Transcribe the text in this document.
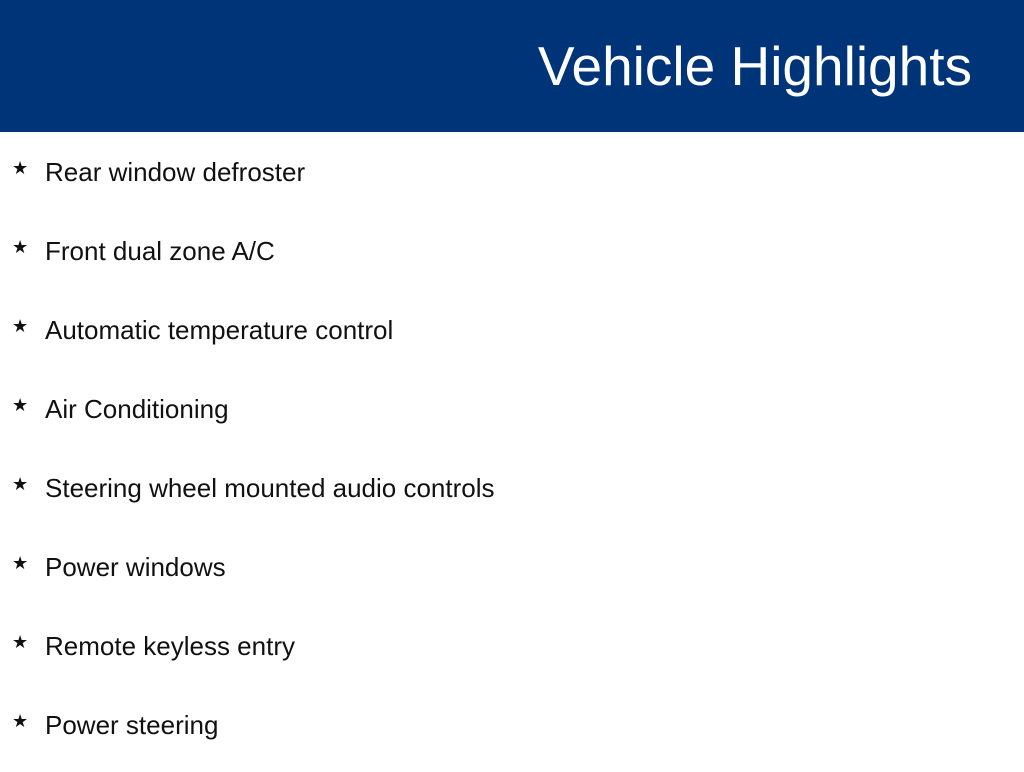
Vehicle Highlights
★ Rear window defroster
★ Front dual zone A/C
★ Automatic temperature control
★ Air Conditioning
★ Steering wheel mounted audio controls
★ Power windows
★ Remote keyless entry
★ Power steering
